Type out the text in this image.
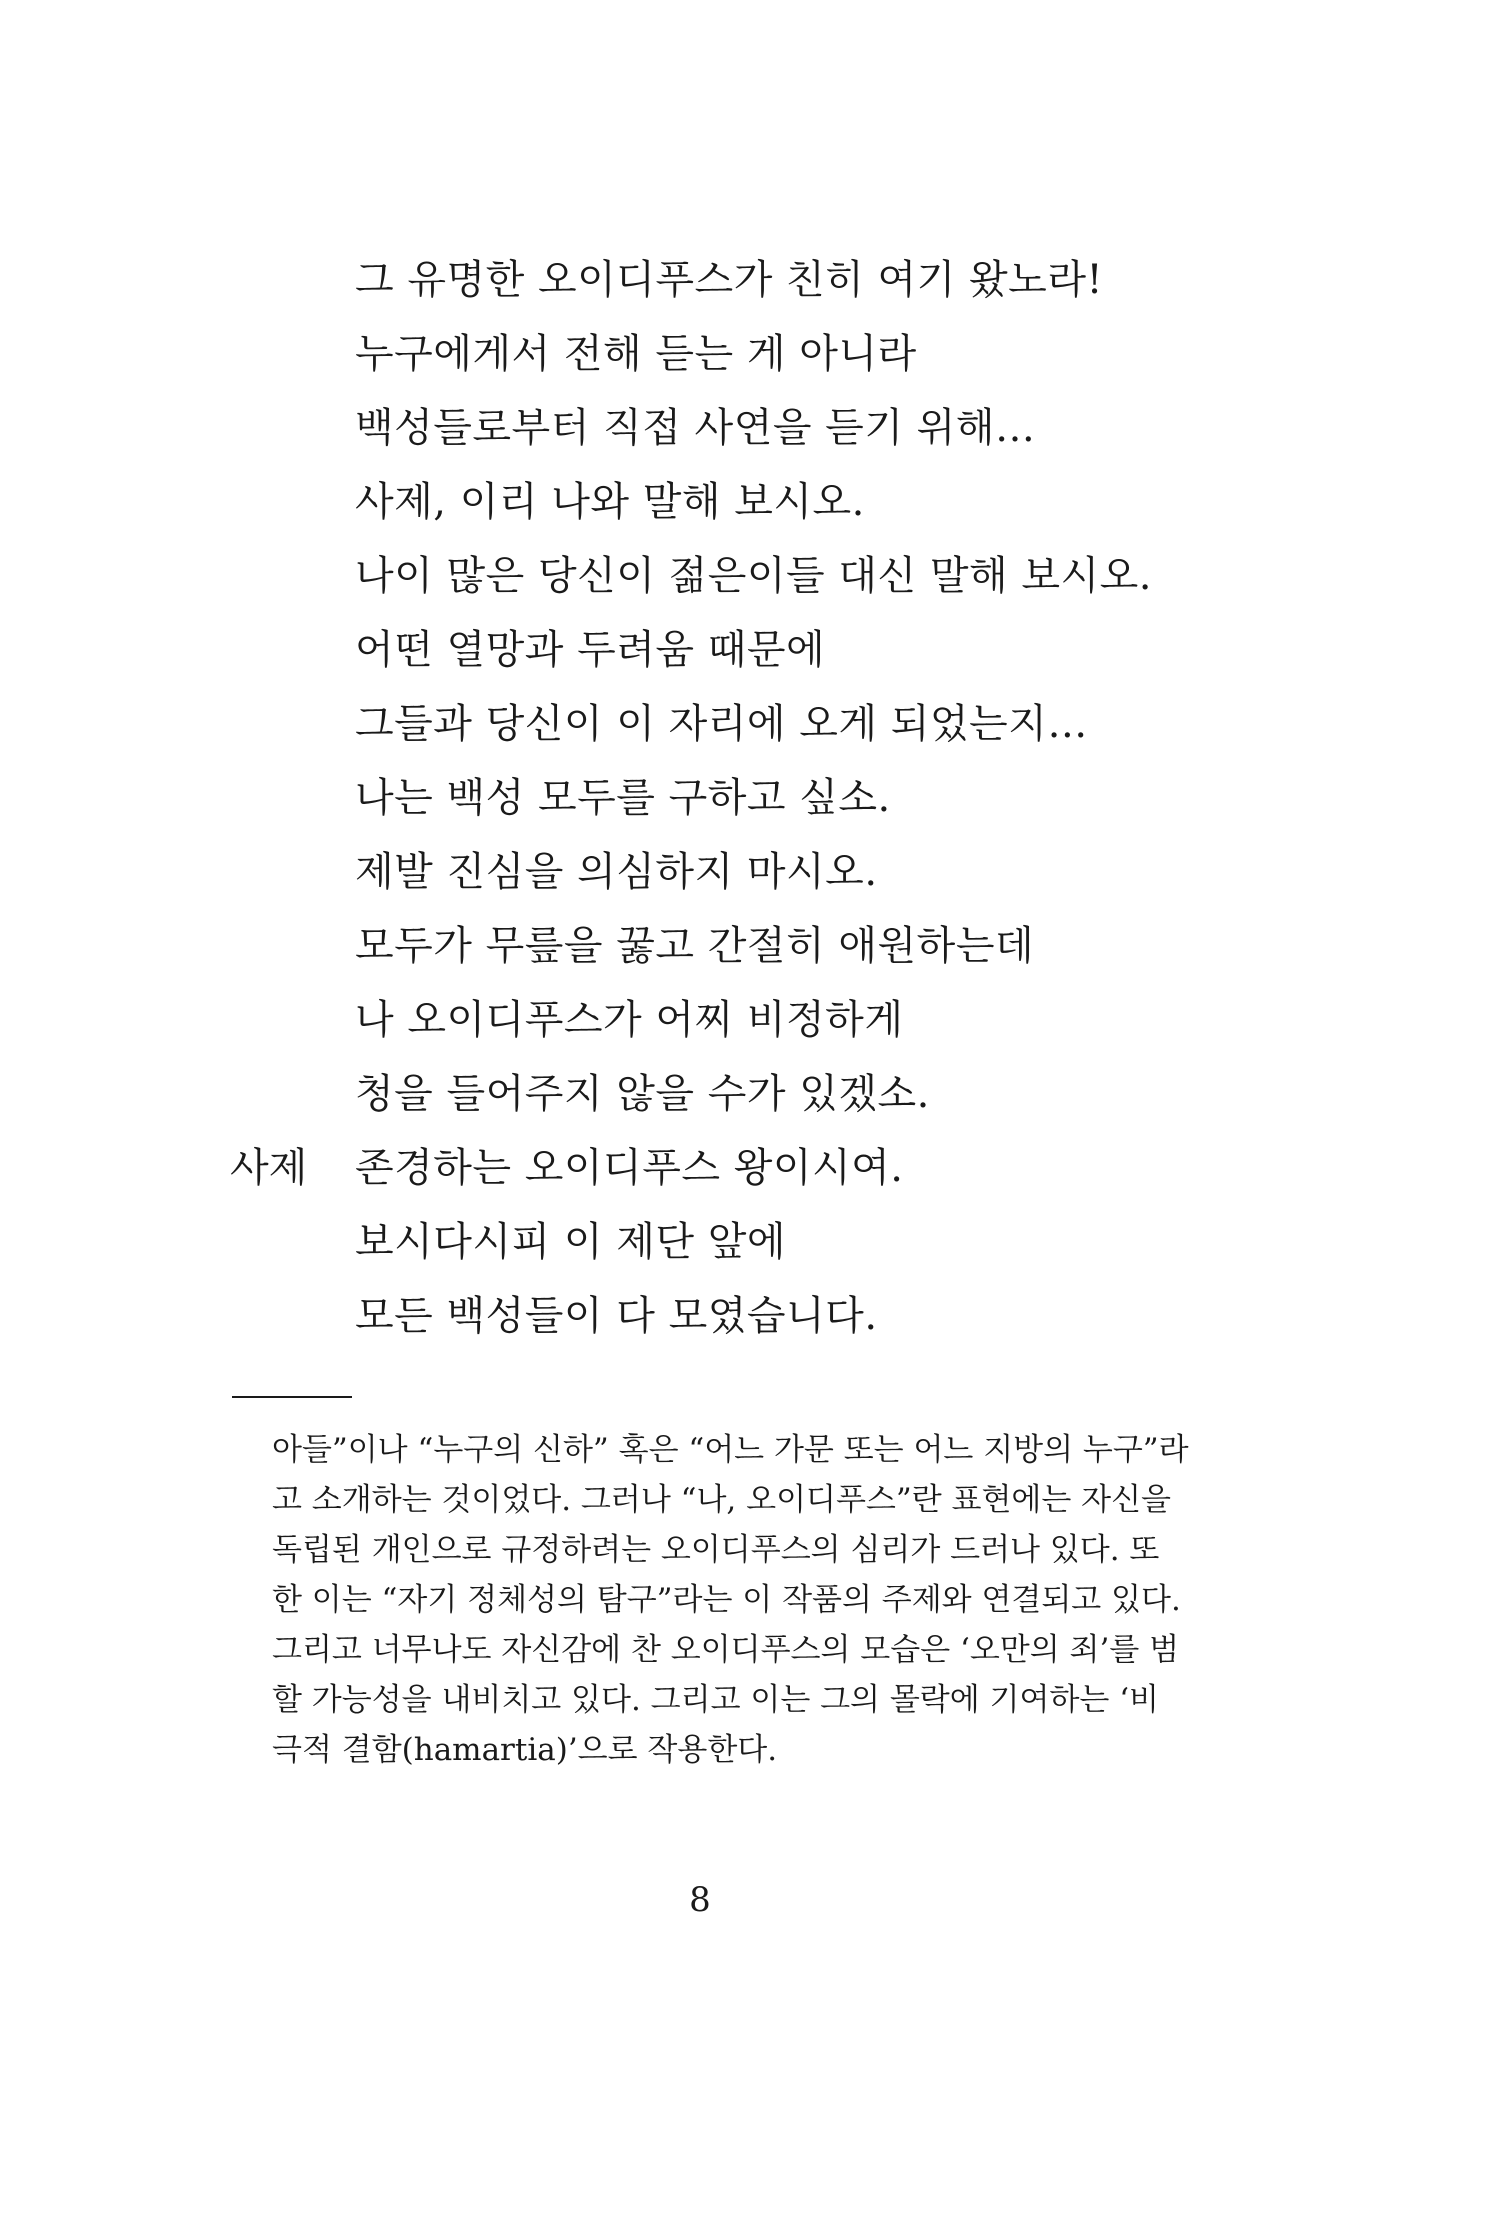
그 유명한 오이디푸스가 친히 여기 왔노라!
누구에게서 전해 듣는 게 아니라
백성들로부터 직접 사연을 듣기 위해…
사제, 이리 나와 말해 보시오.
나이 많은 당신이 젊은이들 대신 말해 보시오.
어떤 열망과 두려움 때문에
그들과 당신이 이 자리에 오게 되었는지…
나는 백성 모두를 구하고 싶소.
제발 진심을 의심하지 마시오.
모두가 무릎을 꿇고 간절히 애원하는데
나 오이디푸스가 어찌 비정하게
청을 들어주지 않을 수가 있겠소.
사제 존경하는 오이디푸스 왕이시여.
보시다시피 이 제단 앞에
모든 백성들이 다 모였습니다.
아들”이나 “누구의 신하” 혹은 “어느 가문 또는 어느 지방의 누구”라
고 소개하는 것이었다. 그러나 “나, 오이디푸스”란 표현에는 자신을
독립된 개인으로 규정하려는 오이디푸스의 심리가 드러나 있다. 또
한 이는 “자기 정체성의 탐구”라는 이 작품의 주제와 연결되고 있다.
그리고 너무나도 자신감에 찬 오이디푸스의 모습은 ‘오만의 죄’를 범
할 가능성을 내비치고 있다. 그리고 이는 그의 몰락에 기여하는 ‘비
극적 결함(hamartia)’으로 작용한다.
8
